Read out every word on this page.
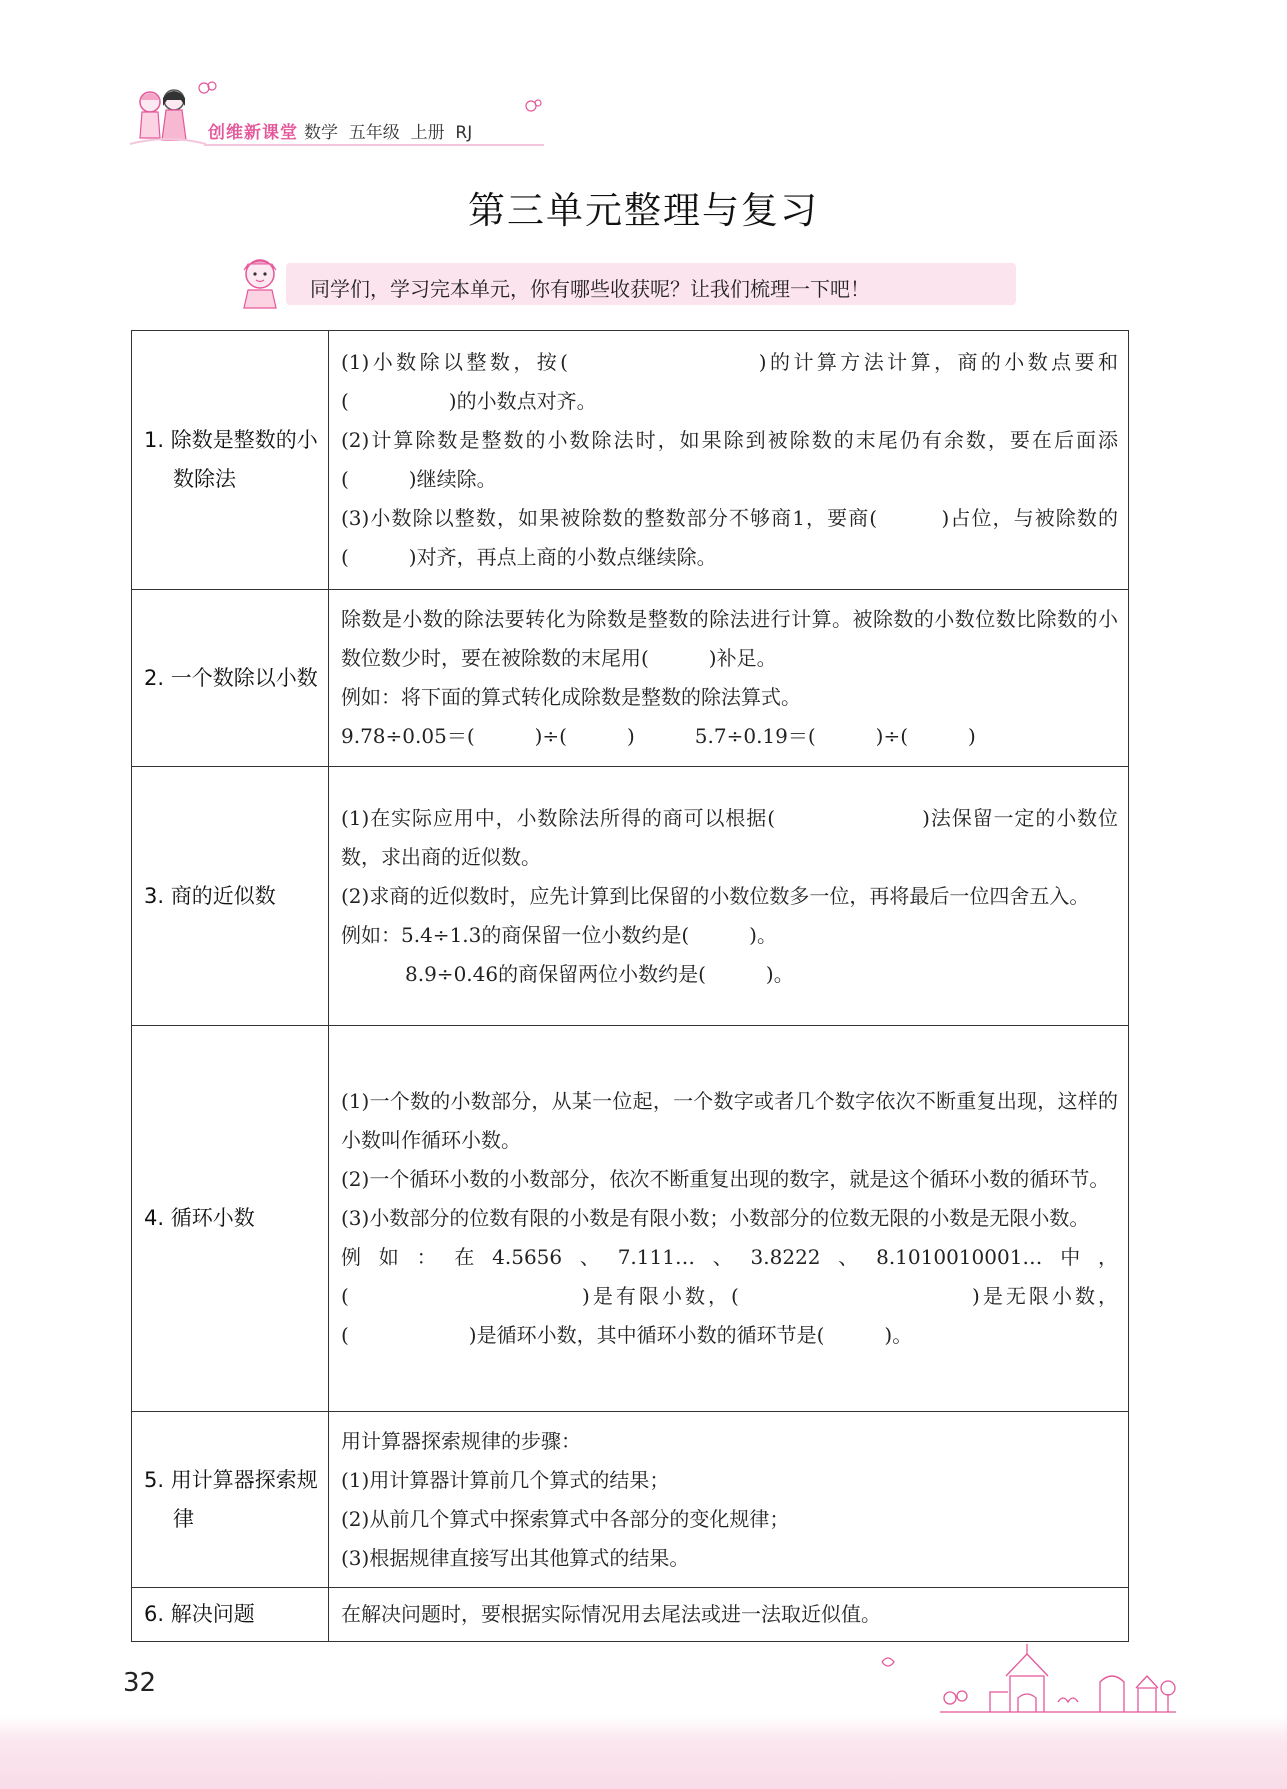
创维新课堂 数学  五年级  上册  RJ
第三单元整理与复习
同学们，学习完本单元，你有哪些收获呢？让我们梳理一下吧！
1. 除数是整数的小数除法	(1)小数除以整数，按(　　　　　　　　)的计算方法计算，商的小数点要和(　　　　　)的小数点对齐。

(2)计算除数是整数的小数除法时，如果除到被除数的末尾仍有余数，要在后面添(　　　)继续除。

(3)小数除以整数，如果被除数的整数部分不够商1，要商(　　　)占位，与被除数的(　　　)对齐，再点上商的小数点继续除。

2. 一个数除以小数	除数是小数的除法要转化为除数是整数的除法进行计算。被除数的小数位数比除数的小数位数少时，要在被除数的末尾用(　　　)补足。

例如：将下面的算式转化成除数是整数的除法算式。

9.78÷0.05＝(　　　)÷(　　　)　　　5.7÷0.19＝(　　　)÷(　　　)

3. 商的近似数	(1)在实际应用中，小数除法所得的商可以根据(　　　　　　　)法保留一定的小数位数，求出商的近似数。

(2)求商的近似数时，应先计算到比保留的小数位数多一位，再将最后一位四舍五入。

例如：5.4÷1.3的商保留一位小数约是(　　　)。

8.9÷0.46的商保留两位小数约是(　　　)。

4. 循环小数	(1)一个数的小数部分，从某一位起，一个数字或者几个数字依次不断重复出现，这样的小数叫作循环小数。

(2)一个循环小数的小数部分，依次不断重复出现的数字，就是这个循环小数的循环节。

(3)小数部分的位数有限的小数是有限小数；小数部分的位数无限的小数是无限小数。

例如：在4.5656、7.111…、3.8222、8.1010010001…中，(　　　　　　　　　　)是有限小数，(　　　　　　　　　　)是无限小数，(　　　　　　)是循环小数，其中循环小数的循环节是(　　　)。

5. 用计算器探索规律	用计算器探索规律的步骤：

(1)用计算器计算前几个算式的结果；

(2)从前几个算式中探索算式中各部分的变化规律；

(3)根据规律直接写出其他算式的结果。

6. 解决问题	在解决问题时，要根据实际情况用去尾法或进一法取近似值。

32
